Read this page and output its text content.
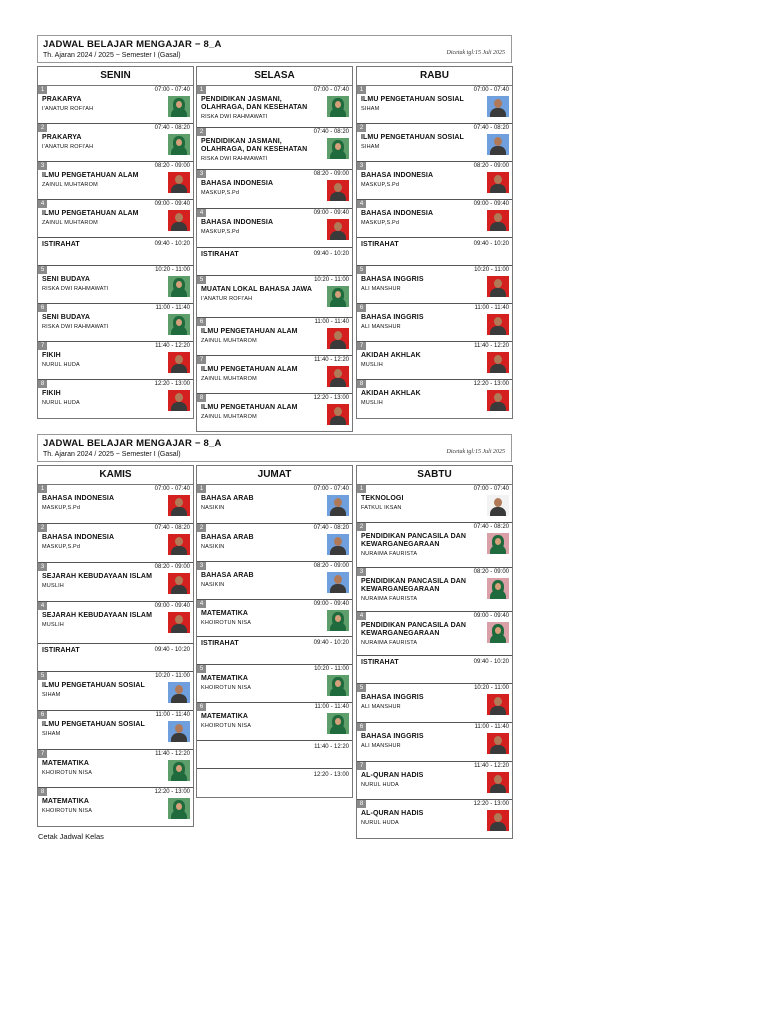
JADWAL BELAJAR MENGAJAR − 8_A
Th. Ajaran 2024 / 2025 − Semester I (Gasal)	Dicetak tgl:15 Juli 2025
JADWAL BELAJAR MENGAJAR − 8_A
Th. Ajaran 2024 / 2025 − Semester I (Gasal)	Dicetak tgl:15 Juli 2025
SENIN
1	07:00 - 07:40
PRAKARYA
I'ANATUR ROFI'AH
2	07:40 - 08:20
PRAKARYA
I'ANATUR ROFI'AH
3	08:20 - 09:00
ILMU PENGETAHUAN ALAM
ZAINUL MUHTAROM
4	09:00 - 09:40
ILMU PENGETAHUAN ALAM
ZAINUL MUHTAROM
09:40 - 10:20
ISTIRAHAT
5	10:20 - 11:00
SENI BUDAYA
RISKA DWI RAHMAWATI
6	11:00 - 11:40
SENI BUDAYA
RISKA DWI RAHMAWATI
7	11:40 - 12:20
FIKIH
NURUL HUDA
8	12:20 - 13:00
FIKIH
NURUL HUDA
SELASA
1	07:00 - 07:40
PENDIDIKAN JASMANI, OLAHRAGA, DAN KESEHATAN
RISKA DWI RAHMAWATI
2	07:40 - 08:20
PENDIDIKAN JASMANI, OLAHRAGA, DAN KESEHATAN
RISKA DWI RAHMAWATI
3	08:20 - 09:00
BAHASA INDONESIA
MASKUP,S.Pd
4	09:00 - 09:40
BAHASA INDONESIA
MASKUP,S.Pd
09:40 - 10:20
ISTIRAHAT
5	10:20 - 11:00
MUATAN LOKAL BAHASA JAWA
I'ANATUR ROFI'AH
6	11:00 - 11:40
ILMU PENGETAHUAN ALAM
ZAINUL MUHTAROM
7	11:40 - 12:20
ILMU PENGETAHUAN ALAM
ZAINUL MUHTAROM
8	12:20 - 13:00
ILMU PENGETAHUAN ALAM
ZAINUL MUHTAROM
RABU
1	07:00 - 07:40
ILMU PENGETAHUAN SOSIAL
SIHAM
2	07:40 - 08:20
ILMU PENGETAHUAN SOSIAL
SIHAM
3	08:20 - 09:00
BAHASA INDONESIA
MASKUP,S.Pd
4	09:00 - 09:40
BAHASA INDONESIA
MASKUP,S.Pd
09:40 - 10:20
ISTIRAHAT
5	10:20 - 11:00
BAHASA INGGRIS
ALI MANSHUR
6	11:00 - 11:40
BAHASA INGGRIS
ALI MANSHUR
7	11:40 - 12:20
AKIDAH AKHLAK
MUSLIH
8	12:20 - 13:00
AKIDAH AKHLAK
MUSLIH
KAMIS
1	07:00 - 07:40
BAHASA INDONESIA
MASKUP,S.Pd
2	07:40 - 08:20
BAHASA INDONESIA
MASKUP,S.Pd
3	08:20 - 09:00
SEJARAH KEBUDAYAAN ISLAM
MUSLIH
4	09:00 - 09:40
SEJARAH KEBUDAYAAN ISLAM
MUSLIH
09:40 - 10:20
ISTIRAHAT
5	10:20 - 11:00
ILMU PENGETAHUAN SOSIAL
SIHAM
6	11:00 - 11:40
ILMU PENGETAHUAN SOSIAL
SIHAM
7	11:40 - 12:20
MATEMATIKA
KHOIROTUN NISA
8	12:20 - 13:00
MATEMATIKA
KHOIROTUN NISA
JUMAT
1	07:00 - 07:40
BAHASA ARAB
NASIKIN
2	07:40 - 08:20
BAHASA ARAB
NASIKIN
3	08:20 - 09:00
BAHASA ARAB
NASIKIN
4	09:00 - 09:40
MATEMATIKA
KHOIROTUN NISA
09:40 - 10:20
ISTIRAHAT
5	10:20 - 11:00
MATEMATIKA
KHOIROTUN NISA
6	11:00 - 11:40
MATEMATIKA
KHOIROTUN NISA
11:40 - 12:20
12:20 - 13:00
SABTU
1	07:00 - 07:40
TEKNOLOGI
FATKUL IKSAN
2	07:40 - 08:20
PENDIDIKAN PANCASILA DAN KEWARGANEGARAAN
NURAIMA FAURISTA
3	08:20 - 09:00
PENDIDIKAN PANCASILA DAN KEWARGANEGARAAN
NURAIMA FAURISTA
4	09:00 - 09:40
PENDIDIKAN PANCASILA DAN KEWARGANEGARAAN
NURAIMA FAURISTA
09:40 - 10:20
ISTIRAHAT
5	10:20 - 11:00
BAHASA INGGRIS
ALI MANSHUR
6	11:00 - 11:40
BAHASA INGGRIS
ALI MANSHUR
7	11:40 - 12:20
AL-QURAN HADIS
NURUL HUDA
8	12:20 - 13:00
AL-QURAN HADIS
NURUL HUDA
Cetak Jadwal Kelas
